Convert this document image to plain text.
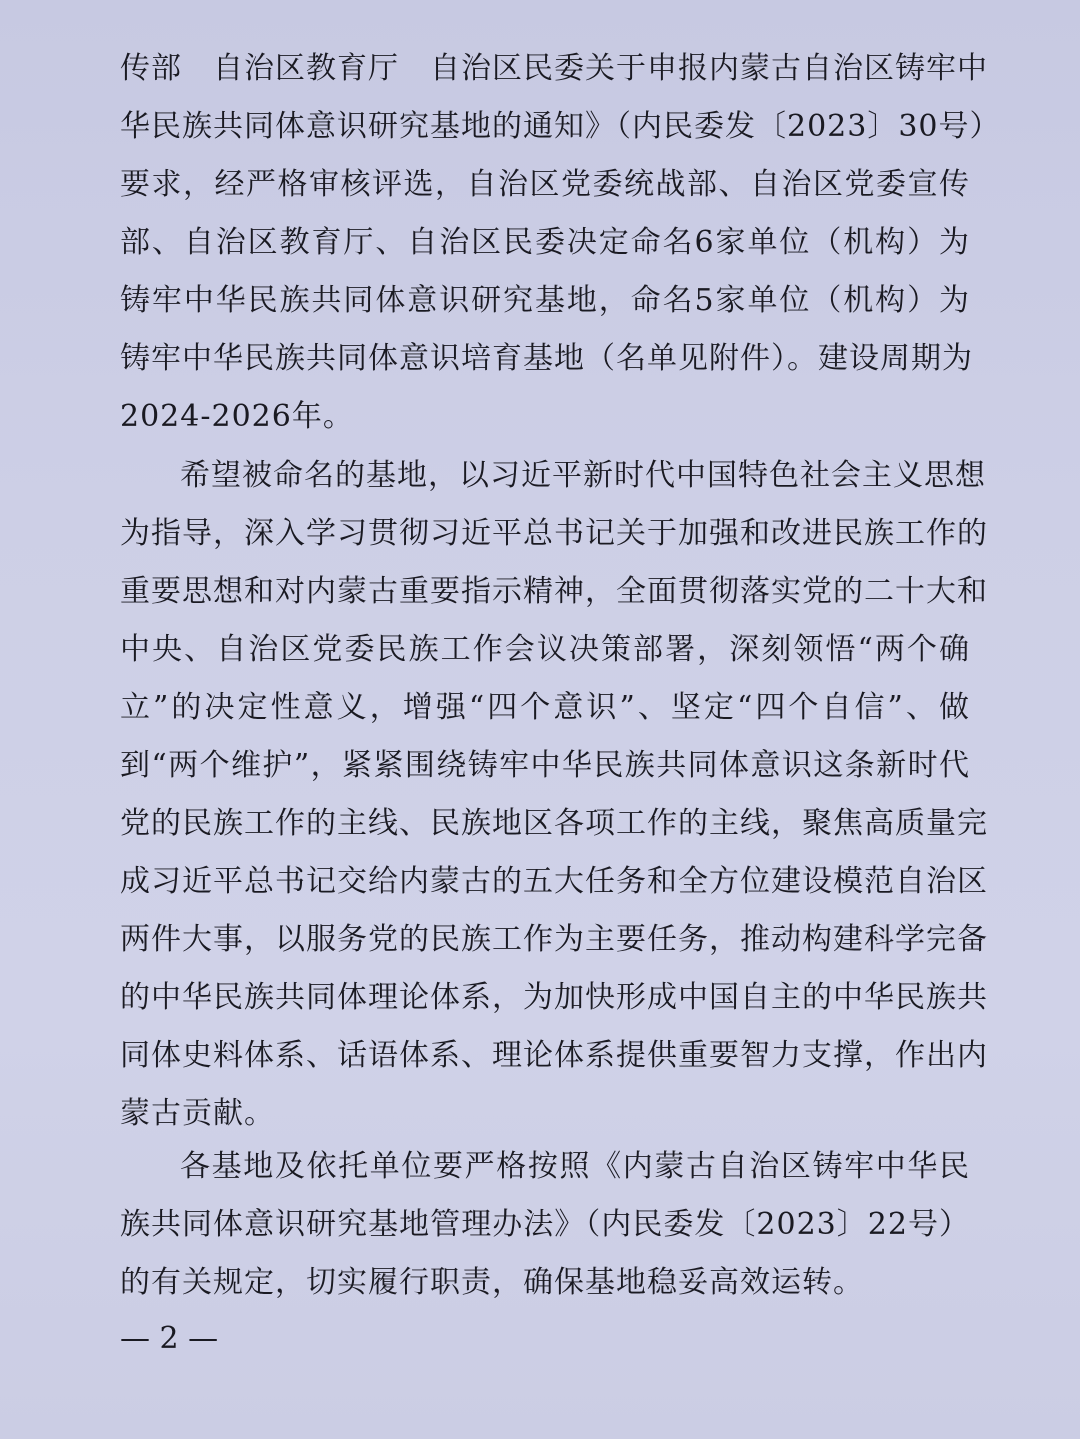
传部　自治区教育厅　自治区民委关于申报内蒙古自治区铸牢中
华民族共同体意识研究基地的通知》（内民委发〔2023〕30号）
要求，经严格审核评选，自治区党委统战部、自治区党委宣传
部、自治区教育厅、自治区民委决定命名6家单位（机构）为
铸牢中华民族共同体意识研究基地，命名5家单位（机构）为
铸牢中华民族共同体意识培育基地（名单见附件）。建设周期为
2024-2026年。
希望被命名的基地，以习近平新时代中国特色社会主义思想
为指导，深入学习贯彻习近平总书记关于加强和改进民族工作的
重要思想和对内蒙古重要指示精神，全面贯彻落实党的二十大和
中央、自治区党委民族工作会议决策部署，深刻领悟“两个确
立”的决定性意义，增强“四个意识”、坚定“四个自信”、做
到“两个维护”，紧紧围绕铸牢中华民族共同体意识这条新时代
党的民族工作的主线、民族地区各项工作的主线，聚焦高质量完
成习近平总书记交给内蒙古的五大任务和全方位建设模范自治区
两件大事，以服务党的民族工作为主要任务，推动构建科学完备
的中华民族共同体理论体系，为加快形成中国自主的中华民族共
同体史料体系、话语体系、理论体系提供重要智力支撑，作出内
蒙古贡献。
各基地及依托单位要严格按照《内蒙古自治区铸牢中华民
族共同体意识研究基地管理办法》（内民委发〔2023〕22号）
的有关规定，切实履行职责，确保基地稳妥高效运转。
— 2 —
